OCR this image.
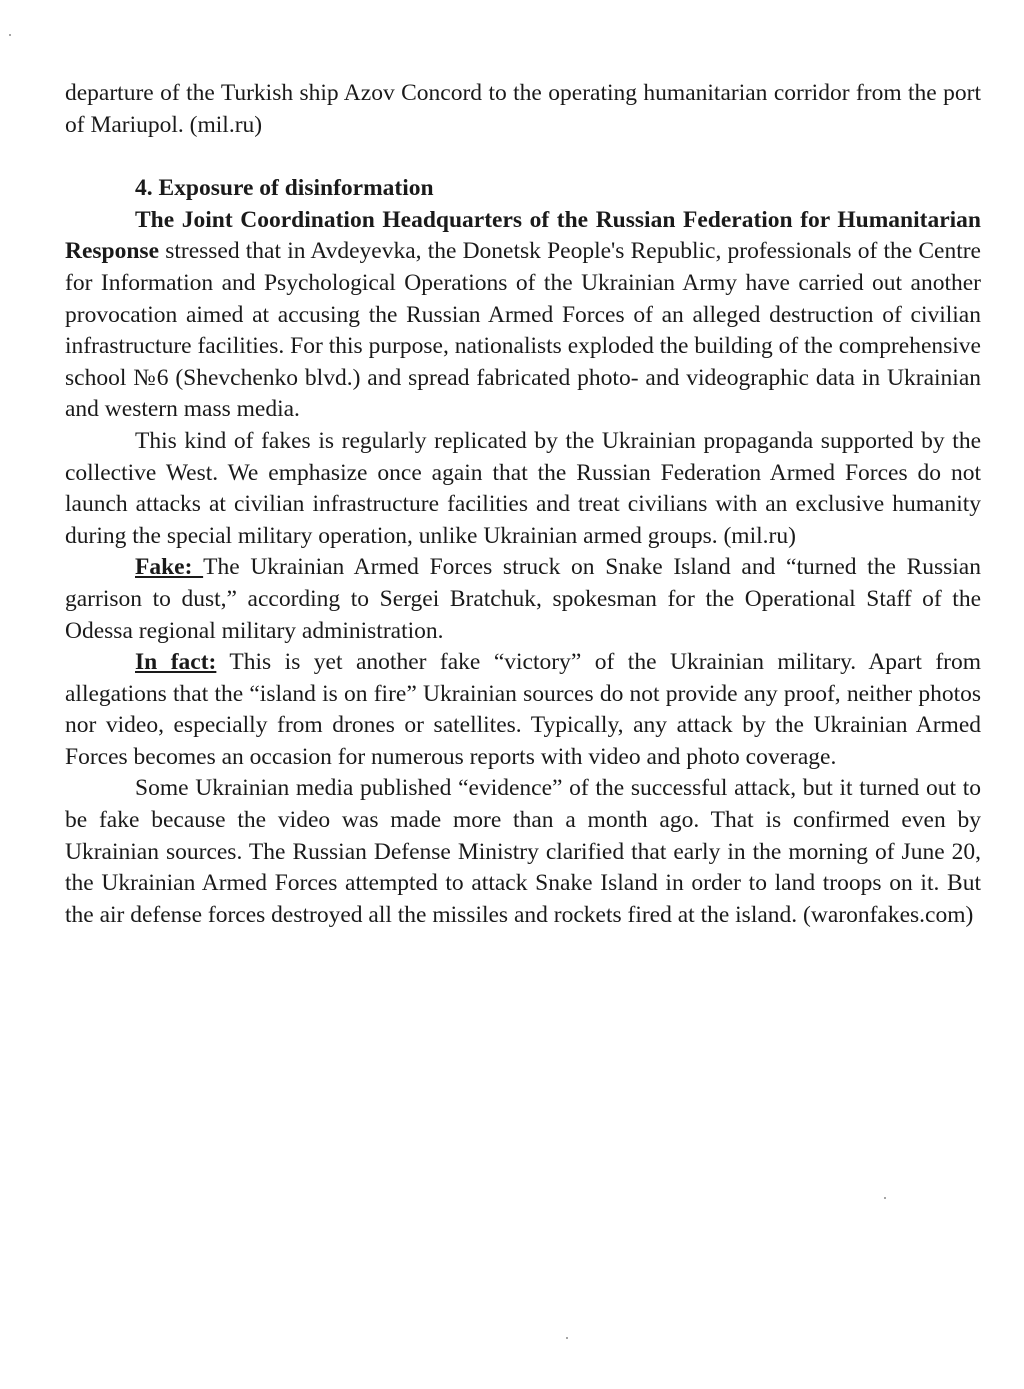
departure of the Turkish ship Azov Concord to the operating humanitarian corridor from the port of Mariupol. (mil.ru)

4. Exposure of disinformation

The Joint Coordination Headquarters of the Russian Federation for Humanitarian Response stressed that in Avdeyevka, the Donetsk People's Republic, professionals of the Centre for Information and Psychological Operations of the Ukrainian Army have carried out another provocation aimed at accusing the Russian Armed Forces of an alleged destruction of civilian infrastructure facilities. For this purpose, nationalists exploded the building of the comprehensive school №6 (Shevchenko blvd.) and spread fabricated photo- and videographic data in Ukrainian and western mass media.

This kind of fakes is regularly replicated by the Ukrainian propaganda supported by the collective West. We emphasize once again that the Russian Federation Armed Forces do not launch attacks at civilian infrastructure facilities and treat civilians with an exclusive humanity during the special military operation, unlike Ukrainian armed groups. (mil.ru)

Fake: The Ukrainian Armed Forces struck on Snake Island and “turned the Russian garrison to dust,” according to Sergei Bratchuk, spokesman for the Operational Staff of the Odessa regional military administration.

In fact: This is yet another fake “victory” of the Ukrainian military. Apart from allegations that the “island is on fire” Ukrainian sources do not provide any proof, neither photos nor video, especially from drones or satellites. Typically, any attack by the Ukrainian Armed Forces becomes an occasion for numerous reports with video and photo coverage.

Some Ukrainian media published “evidence” of the successful attack, but it turned out to be fake because the video was made more than a month ago. That is confirmed even by Ukrainian sources. The Russian Defense Ministry clarified that early in the morning of June 20, the Ukrainian Armed Forces attempted to attack Snake Island in order to land troops on it. But the air defense forces destroyed all the missiles and rockets fired at the island. (waronfakes.com)
